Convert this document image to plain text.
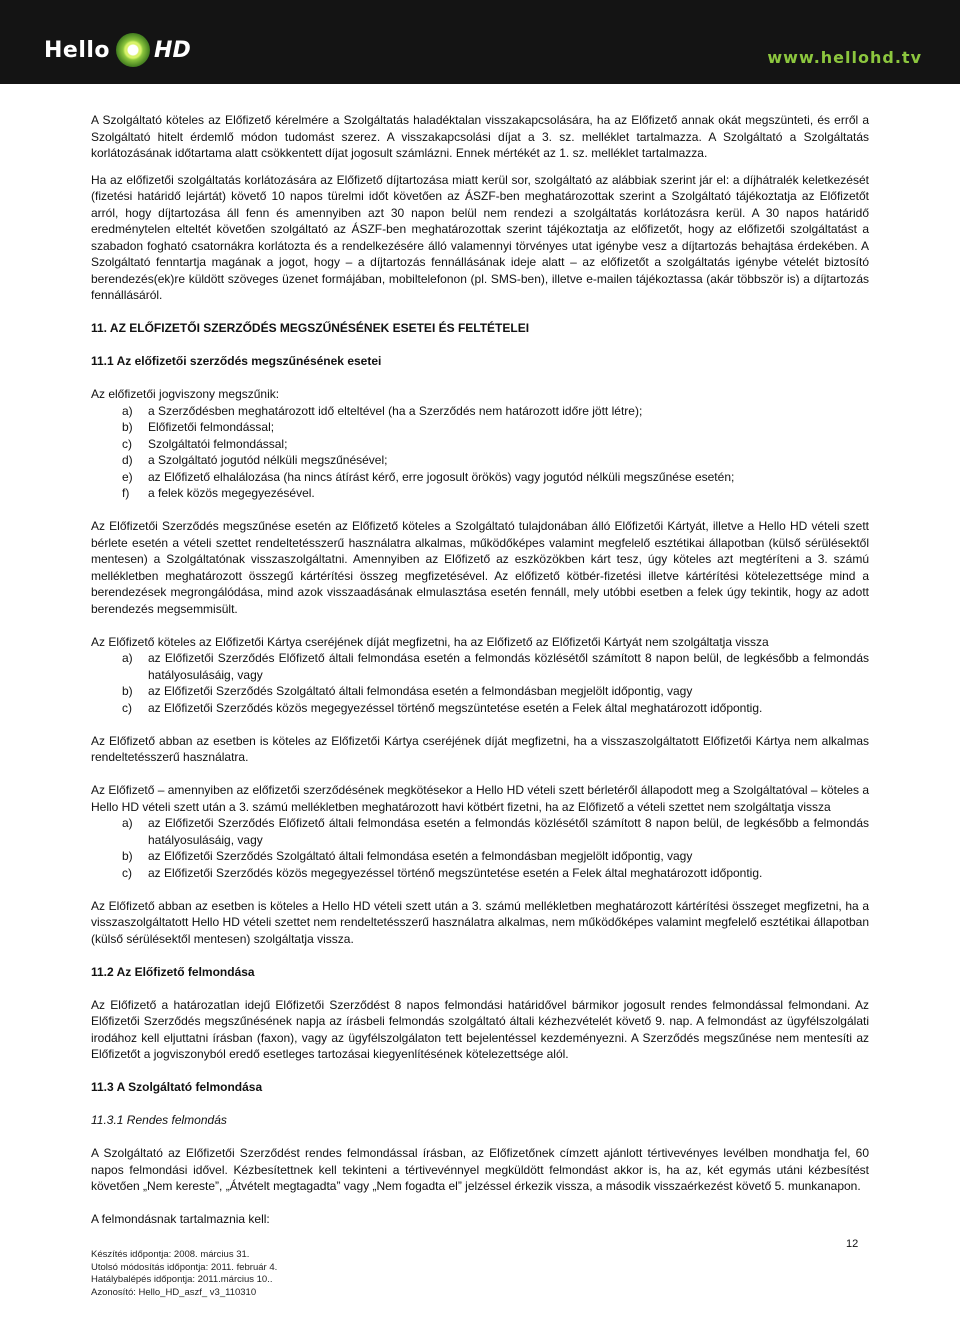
Hello HD	www.hellohd.tv

A Szolgáltató köteles az Előfizető kérelmére a Szolgáltatás haladéktalan visszakapcsolására, ha az Előfizető annak okát megszünteti, és erről a Szolgáltató hitelt érdemlő módon tudomást szerez. A visszakapcsolási díjat a 3. sz. melléklet tartalmazza. A Szolgáltató a Szolgáltatás korlátozásának időtartama alatt csökkentett díjat jogosult számlázni. Ennek mértékét az 1. sz. melléklet tartalmazza.

Ha az előfizetői szolgáltatás korlátozására az Előfizető díjtartozása miatt kerül sor, szolgáltató az alábbiak szerint jár el: a díjhátralék keletkezését (fizetési határidő lejártát) követő 10 napos türelmi időt követően az ÁSZF-ben meghatározottak szerint a Szolgáltató tájékoztatja az Előfizetőt arról, hogy díjtartozása áll fenn és amennyiben azt 30 napon belül nem rendezi a szolgáltatás korlátozásra kerül. A 30 napos határidő eredménytelen elteltét követően szolgáltató az ÁSZF-ben meghatározottak szerint tájékoztatja az előfizetőt, hogy az előfizetői szolgáltatást a szabadon fogható csatornákra korlátozta és a rendelkezésére álló valamennyi törvényes utat igénybe vesz a díjtartozás behajtása érdekében. A Szolgáltató fenntartja magának a jogot, hogy – a díjtartozás fennállásának ideje alatt – az előfizetőt a szolgáltatás igénybe vételét biztosító berendezés(ek)re küldött szöveges üzenet formájában, mobiltelefonon (pl. SMS-ben), illetve e-mailen tájékoztassa (akár többször is) a díjtartozás fennállásáról.

11. AZ ELŐFIZETŐI SZERZŐDÉS MEGSZŰNÉSÉNEK ESETEI ÉS FELTÉTELEI

11.1 Az előfizetői szerződés megszűnésének esetei

Az előfizetői jogviszony megszűnik:

a)	a Szerződésben meghatározott idő elteltével (ha a Szerződés nem határozott időre jött létre);
b)	Előfizetői felmondással;
c)	Szolgáltatói felmondással;
d)	a Szolgáltató jogutód nélküli megszűnésével;
e)	az Előfizető elhalálozása (ha nincs átírást kérő, erre jogosult örökös) vagy jogutód nélküli megszűnése esetén;
f)	a felek közös megegyezésével.

Az Előfizetői Szerződés megszűnése esetén az Előfizető köteles a Szolgáltató tulajdonában álló Előfizetői Kártyát, illetve a Hello HD vételi szett bérlete esetén a vételi szettet rendeltetésszerű használatra alkalmas, működőképes valamint megfelelő esztétikai állapotban (külső sérülésektől mentesen) a Szolgáltatónak visszaszolgáltatni. Amennyiben az Előfizető az eszközökben kárt tesz, úgy köteles azt megtéríteni a 3. számú mellékletben meghatározott összegű kártérítési összeg megfizetésével. Az előfizető kötbér-fizetési illetve kártérítési kötelezettsége mind a berendezések megrongálódása, mind azok visszaadásának elmulasztása esetén fennáll, mely utóbbi esetben a felek úgy tekintik, hogy az adott berendezés megsemmisült.

Az Előfizető köteles az Előfizetői Kártya cseréjének díját megfizetni, ha az Előfizető az Előfizetői Kártyát nem szolgáltatja vissza

a)	az Előfizetői Szerződés Előfizető általi felmondása esetén a felmondás közlésétől számított 8 napon belül, de legkésőbb a felmondás hatályosulásáig, vagy
b)	az Előfizetői Szerződés Szolgáltató általi felmondása esetén a felmondásban megjelölt időpontig, vagy
c)	az Előfizetői Szerződés közös megegyezéssel történő megszüntetése esetén a Felek által meghatározott időpontig.

Az Előfizető abban az esetben is köteles az Előfizetői Kártya cseréjének díját megfizetni, ha a visszaszolgáltatott Előfizetői Kártya nem alkalmas rendeltetésszerű használatra.

Az Előfizető – amennyiben az előfizetői szerződésének megkötésekor a Hello HD vételi szett bérletéről állapodott meg a Szolgáltatóval – köteles a Hello HD vételi szett után a 3. számú mellékletben meghatározott havi kötbért fizetni, ha az Előfizető a vételi szettet nem szolgáltatja vissza

a)	az Előfizetői Szerződés Előfizető általi felmondása esetén a felmondás közlésétől számított 8 napon belül, de legkésőbb a felmondás hatályosulásáig, vagy
b)	az Előfizetői Szerződés Szolgáltató általi felmondása esetén a felmondásban megjelölt időpontig, vagy
c)	az Előfizetői Szerződés közös megegyezéssel történő megszüntetése esetén a Felek által meghatározott időpontig.

Az Előfizető abban az esetben is köteles a Hello HD vételi szett után a 3. számú mellékletben meghatározott kártérítési összeget megfizetni, ha a visszaszolgáltatott Hello HD vételi szettet nem rendeltetésszerű használatra alkalmas, nem működőképes valamint megfelelő esztétikai állapotban (külső sérülésektől mentesen) szolgáltatja vissza.

11.2 Az Előfizető felmondása

Az Előfizető a határozatlan idejű Előfizetői Szerződést 8 napos felmondási határidővel bármikor jogosult rendes felmondással felmondani. Az Előfizetői Szerződés megszűnésének napja az írásbeli felmondás szolgáltató általi kézhezvételét követő 9. nap. A felmondást az ügyfélszolgálati irodához kell eljuttatni írásban (faxon), vagy az ügyfélszolgálaton tett bejelentéssel kezdeményezni. A Szerződés megszűnése nem mentesíti az Előfizetőt a jogviszonyból eredő esetleges tartozásai kiegyenlítésének kötelezettsége alól.

11.3 A Szolgáltató felmondása

11.3.1 Rendes felmondás

A Szolgáltató az Előfizetői Szerződést rendes felmondással írásban, az Előfizetőnek címzett ajánlott tértivevényes levélben mondhatja fel, 60 napos felmondási idővel. Kézbesítettnek kell tekinteni a tértivevénnyel megküldött felmondást akkor is, ha az, két egymás utáni kézbesítést követően „Nem kereste”, „Átvételt megtagadta” vagy „Nem fogadta el” jelzéssel érkezik vissza, a második visszaérkezést követő 5. munkanapon.

A felmondásnak tartalmaznia kell:

Készítés időpontja: 2008. március 31.
Utolsó módosítás időpontja: 2011. február 4.
Hatálybalépés időpontja: 2011.március 10..
Azonosító: Hello_HD_aszf_ v3_110310
12
